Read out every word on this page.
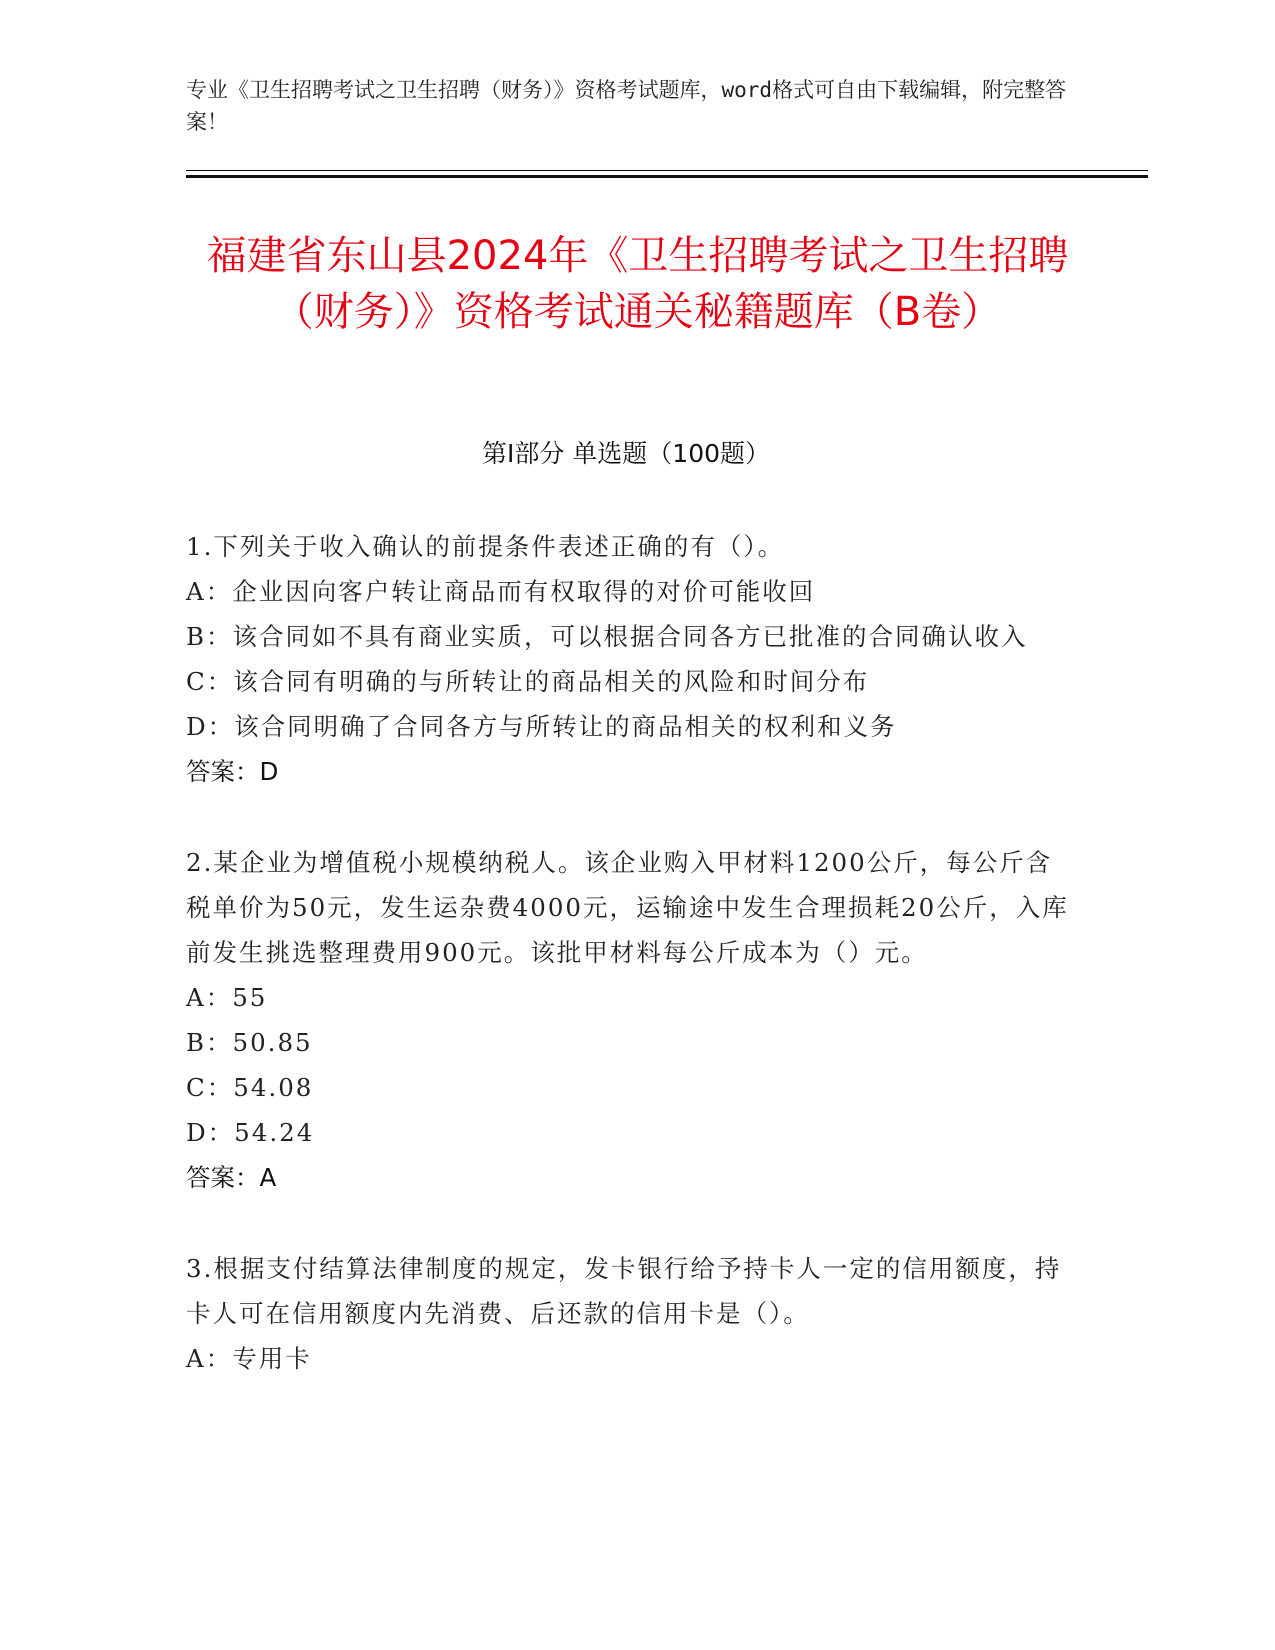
专业《卫生招聘考试之卫生招聘（财务）》资格考试题库，word格式可自由下载编辑，附完整答案！

福建省东山县2024年《卫生招聘考试之卫生招聘（财务）》资格考试通关秘籍题库（B卷）
第Ⅰ部分 单选题（100题）

1.下列关于收入确认的前提条件表述正确的有（）。

A：企业因向客户转让商品而有权取得的对价可能收回

B：该合同如不具有商业实质，可以根据合同各方已批准的合同确认收入

C：该合同有明确的与所转让的商品相关的风险和时间分布

D：该合同明确了合同各方与所转让的商品相关的权利和义务

答案：D

2.某企业为增值税小规模纳税人。该企业购入甲材料1200公斤，每公斤含税单价为50元，发生运杂费4000元，运输途中发生合理损耗20公斤，入库前发生挑选整理费用900元。该批甲材料每公斤成本为（）元。

A：55

B：50.85

C：54.08

D：54.24

答案：A

3.根据支付结算法律制度的规定，发卡银行给予持卡人一定的信用额度，持卡人可在信用额度内先消费、后还款的信用卡是（）。

A：专用卡
